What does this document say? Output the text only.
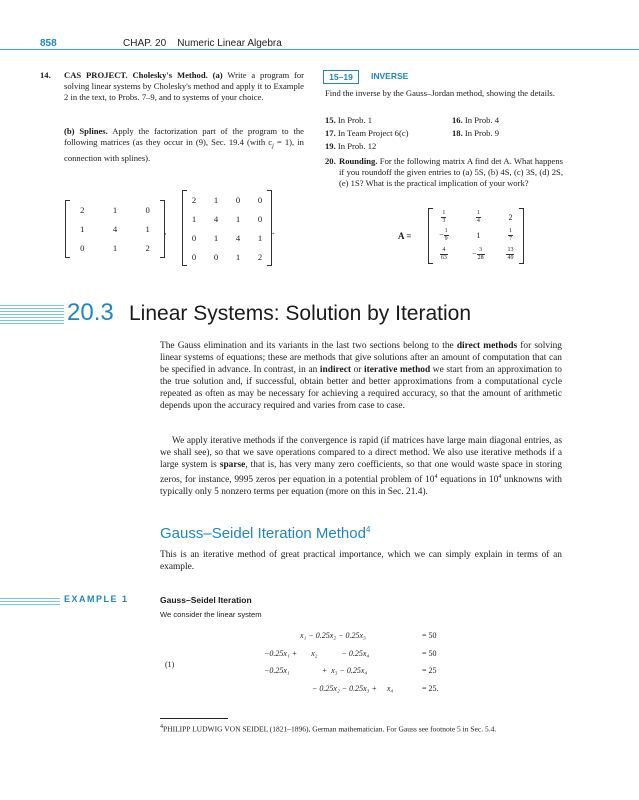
858	CHAP. 20    Numeric Linear Algebra
14.	CAS PROJECT. Cholesky's Method. (a) Write a program for solving linear systems by Cholesky's method and apply it to Example 2 in the text, to Probs. 7–9, and to systems of your choice.
(b) Splines. Apply the factorization part of the program to the following matrices (as they occur in (9), Sec. 19.4 (with $c_j = 1$), in connection with splines).
2	1	0
1	4	1
0	1	2
,
2	1	0	0
1	4	1	0
0	1	4	1
0	0	1	2
.
15–19	INVERSE
Find the inverse by the Gauss–Jordan method, showing the details.
15. In Prob. 1	16. In Prob. 4
17. In Team Project 6(c)	18. In Prob. 9
19. In Prob. 12
20. Rounding. For the following matrix A find det A. What happens if you roundoff the given entries to (a) 5S, (b) 4S, (c) 3S, (d) 2S, (e) 1S? What is the practical implication of your work?
A =
$\frac{1}{3}$	$\frac{1}{4}$	2
− $\frac{1}{9}$	1	$\frac{1}{7}$

$\frac{4}{63}$	− $\frac{3}{28}$	$\frac{13}{49}$
20.3 Linear Systems: Solution by Iteration
The Gauss elimination and its variants in the last two sections belong to the direct methods for solving linear systems of equations; these are methods that give solutions after an amount of computation that can be specified in advance. In contrast, in an indirect or iterative method we start from an approximation to the true solution and, if successful, obtain better and better approximations from a computational cycle repeated as often as may be necessary for achieving a required accuracy, so that the amount of arithmetic depends upon the accuracy required and varies from case to case.
We apply iterative methods if the convergence is rapid (if matrices have large main diagonal entries, as we shall see), so that we save operations compared to a direct method. We also use iterative methods if a large system is sparse, that is, has very many zero coefficients, so that one would waste space in storing zeros, for instance, 9995 zeros per equation in a potential problem of $10^4$ equations in $10^4$ unknowns with typically only 5 nonzero terms per equation (more on this in Sec. 21.4).
Gauss–Seidel Iteration Method$^4$
This is an iterative method of great practical importance, which we can simply explain in terms of an example.
EXAMPLE 1	Gauss–Seidel Iteration
We consider the linear system
(1)
x₁ − 0.25x₂ − 0.25x₃	= 50
−0.25x₁ +       x₂            − 0.25x₄	= 50
−0.25x₁                +  x₃ − 0.25x₄	= 25
− 0.25x₂ − 0.25x₃ +     x₄	= 25.
$^4$PHILIPP LUDWIG VON SEIDEL (1821–1896), German mathematician. For Gauss see footnote 5 in Sec. 5.4.
